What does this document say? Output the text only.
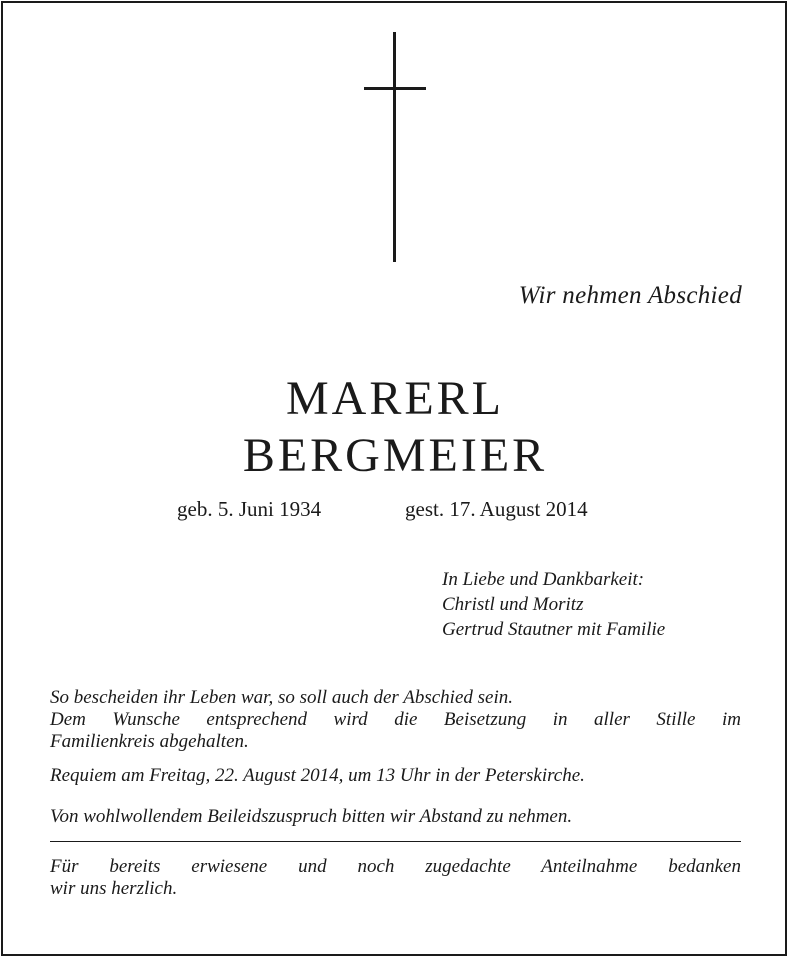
Wir nehmen Abschied
MARERL
BERGMEIER
geb. 5. Juni 1934	gest. 17. August 2014
In Liebe und Dankbarkeit:
Christl und Moritz
Gertrud Stautner mit Familie
So bescheiden ihr Leben war, so soll auch der Abschied sein.
Dem Wunsche entsprechend wird die Beisetzung in aller Stille im
Familienkreis abgehalten.
Requiem am Freitag, 22. August 2014, um 13 Uhr in der Peterskirche.
Von wohlwollendem Beileidszuspruch bitten wir Abstand zu nehmen.
Für bereits erwiesene und noch zugedachte Anteilnahme bedanken
wir uns herzlich.
